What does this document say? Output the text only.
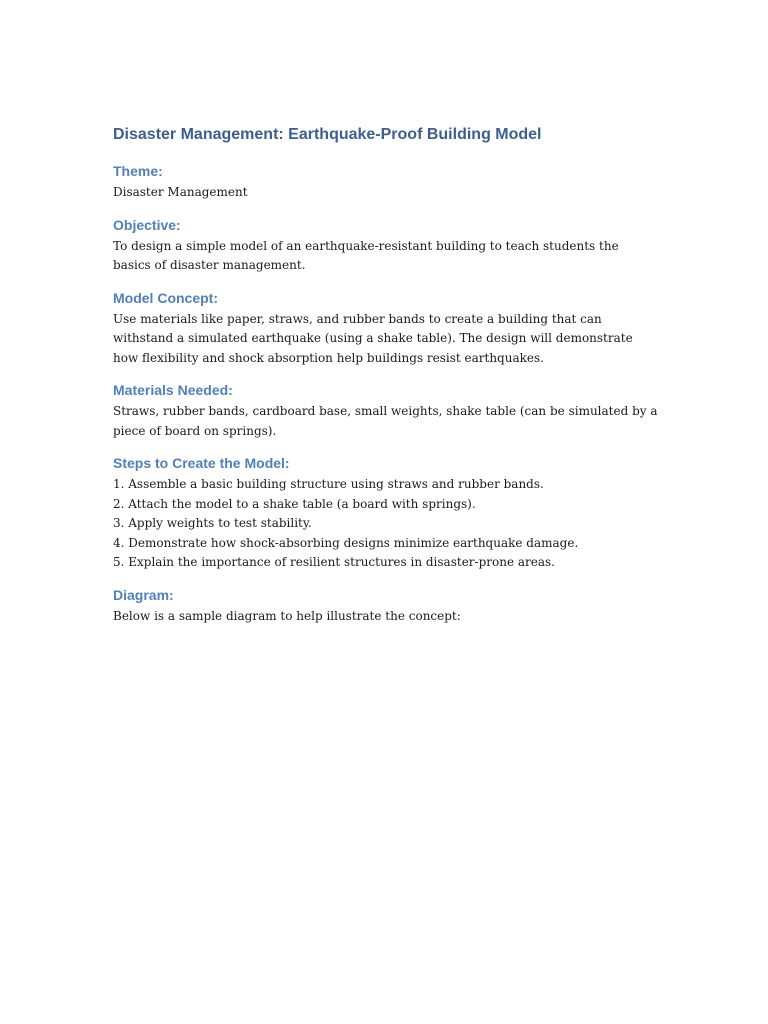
Disaster Management: Earthquake-Proof Building Model
Theme:

Disaster Management

Objective:

To design a simple model of an earthquake-resistant building to teach students the basics of disaster management.

Model Concept:

Use materials like paper, straws, and rubber bands to create a building that can withstand a simulated earthquake (using a shake table). The design will demonstrate how flexibility and shock absorption help buildings resist earthquakes.

Materials Needed:

Straws, rubber bands, cardboard base, small weights, shake table (can be simulated by a piece of board on springs).

Steps to Create the Model:
1. Assemble a basic building structure using straws and rubber bands.
2. Attach the model to a shake table (a board with springs).
3. Apply weights to test stability.
4. Demonstrate how shock-absorbing designs minimize earthquake damage.
5. Explain the importance of resilient structures in disaster-prone areas.
Diagram:

Below is a sample diagram to help illustrate the concept:
